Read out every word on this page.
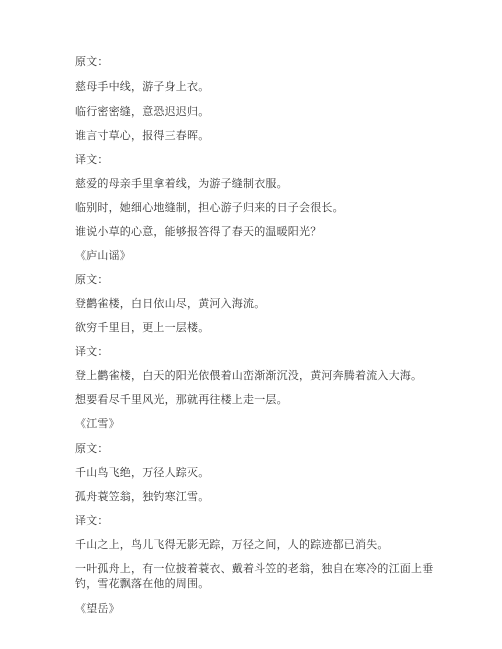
原文：
慈母手中线，游子身上衣。
临行密密缝，意恐迟迟归。
谁言寸草心，报得三春晖。
译文：
慈爱的母亲手里拿着线，为游子缝制衣服。
临别时，她细心地缝制，担心游子归来的日子会很长。
谁说小草的心意，能够报答得了春天的温暖阳光？
《庐山谣》
原文：
登鹳雀楼，白日依山尽，黄河入海流。
欲穷千里目，更上一层楼。
译文：
登上鹳雀楼，白天的阳光依偎着山峦渐渐沉没，黄河奔腾着流入大海。
想要看尽千里风光，那就再往楼上走一层。
《江雪》
原文：
千山鸟飞绝，万径人踪灭。
孤舟蓑笠翁，独钓寒江雪。
译文：
千山之上，鸟儿飞得无影无踪，万径之间，人的踪迹都已消失。
一叶孤舟上，有一位披着蓑衣、戴着斗笠的老翁，独自在寒冷的江面上垂钓，雪花飘落在他的周围。
《望岳》
